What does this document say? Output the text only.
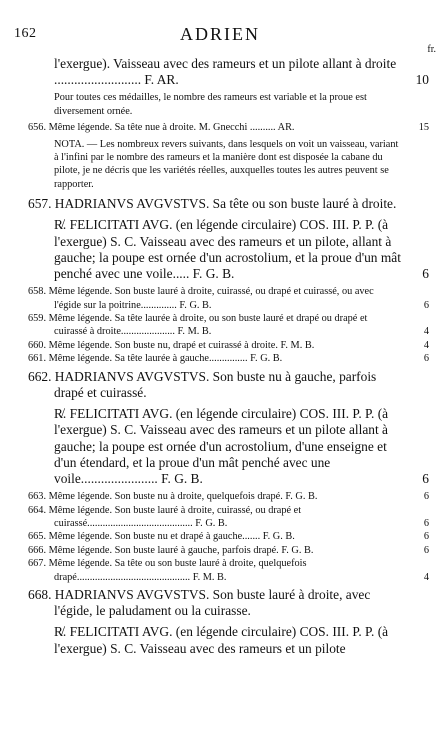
162	ADRIEN
fr.
l'exergue). Vaisseau avec des rameurs et un pilote allant à droite .......................... F. AR.	10
Pour toutes ces médailles, le nombre des rameurs est variable et la proue est diversement ornée.
656. Même légende. Sa tête nue à droite. M. Gnecchi .......... AR.	15
NOTA. — Les nombreux revers suivants, dans lesquels on voit un vaisseau, variant à l'infini par le nombre des rameurs et la manière dont est disposée la cabane du pilote, je ne décris que les variétés réelles, auxquelles toutes les autres peuvent se rapporter.
657. HADRIANVS AVGVSTVS. Sa tête ou son buste lauré à droite.
R̸. FELICITATI AVG. (en légende circulaire) COS. III. P. P. (à l'exergue) S. C. Vaisseau avec des rameurs et un pilote, allant à gauche; la poupe est ornée d'un acrostolium, et la proue d'un mât penché avec une voile..... F. G. B.	6
658. Même légende. Son buste lauré à droite, cuirassé, ou drapé et cuirassé, ou avec l'égide sur la poitrine.............. F. G. B.	6
659. Même légende. Sa tête laurée à droite, ou son buste lauré et drapé ou drapé et cuirassé à droite..................... F. M. B.	4
660. Même légende. Son buste nu, drapé et cuirassé à droite. F. M. B.	4
661. Même légende. Sa tête laurée à gauche............... F. G. B.	6
662. HADRIANVS AVGVSTVS. Son buste nu à gauche, parfois drapé et cuirassé.
R̸. FELICITATI AVG. (en légende circulaire) COS. III. P. P. (à l'exergue) S. C. Vaisseau avec des rameurs et un pilote allant à gauche; la poupe est ornée d'un acrostolium, d'une enseigne et d'un étendard, et la proue d'un mât penché avec une voile....................... F. G. B.	6
663. Même légende. Son buste nu à droite, quelquefois drapé. F. G. B.	6
664. Même légende. Son buste lauré à droite, cuirassé, ou drapé et cuirassé......................................... F. G. B.	6
665. Même légende. Son buste nu et drapé à gauche....... F. G. B.	6
666. Même légende. Son buste lauré à gauche, parfois drapé. F. G. B.	6
667. Même légende. Sa tête ou son buste lauré à droite, quelquefois drapé............................................ F. M. B.	4
668. HADRIANVS AVGVSTVS. Son buste lauré à droite, avec l'égide, le paludament ou la cuirasse.
R̸. FELICITATI AVG. (en légende circulaire) COS. III. P. P. (à l'exergue) S. C. Vaisseau avec des rameurs et un pilote
